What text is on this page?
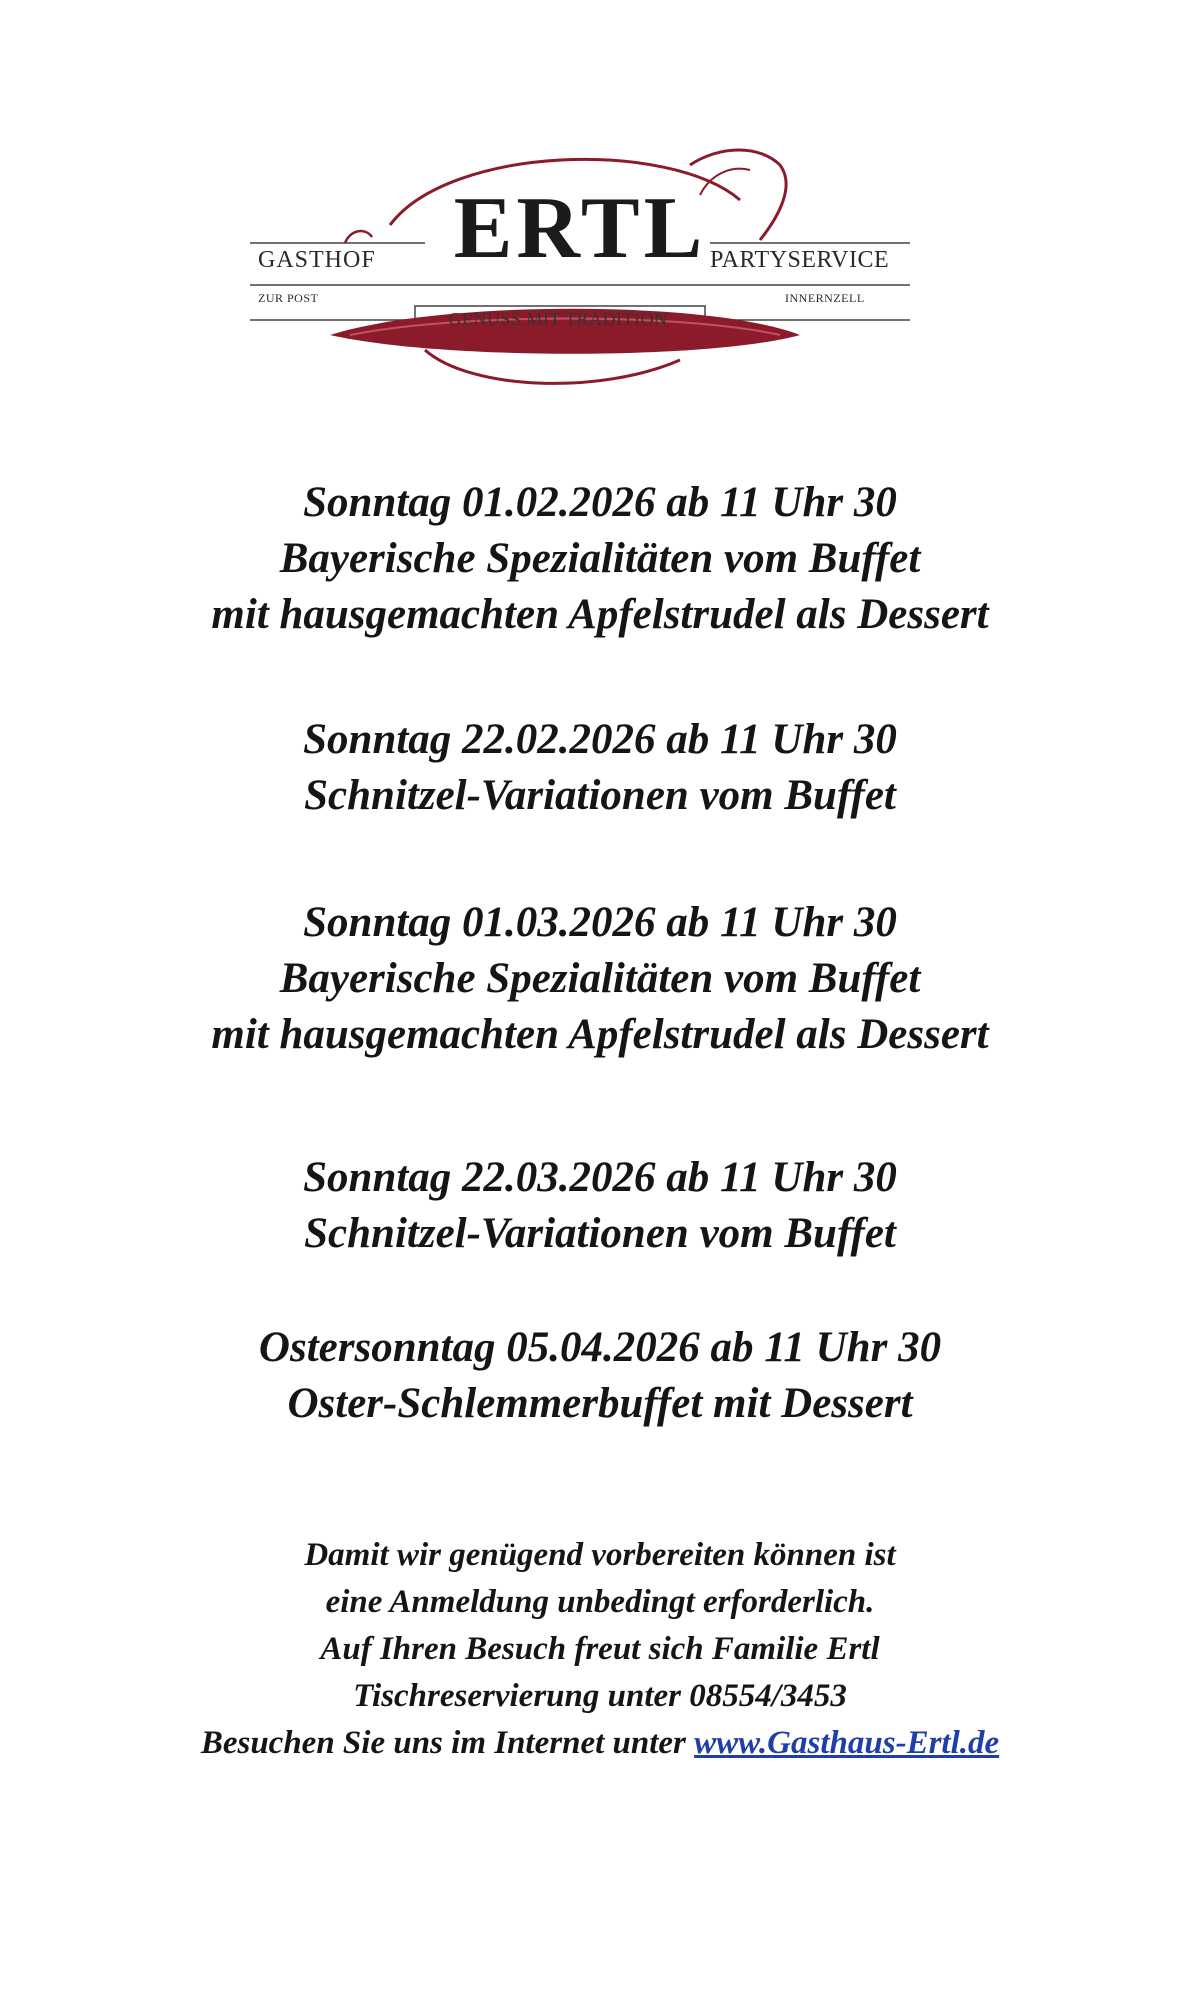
ERTL
GASTHOF	PARTYSERVICE
ZUR POST	INNERNZELL
GENUSS MIT TRADITION
Sonntag 01.02.2026 ab 11 Uhr 30
Bayerische Spezialitäten vom Buffet
mit hausgemachten Apfelstrudel als Dessert
Sonntag 22.02.2026 ab 11 Uhr 30
Schnitzel-Variationen vom Buffet
Sonntag 01.03.2026 ab 11 Uhr 30
Bayerische Spezialitäten vom Buffet
mit hausgemachten Apfelstrudel als Dessert
Sonntag 22.03.2026 ab 11 Uhr 30
Schnitzel-Variationen vom Buffet
Ostersonntag 05.04.2026 ab 11 Uhr 30
Oster-Schlemmerbuffet mit Dessert
Damit wir genügend vorbereiten können ist
eine Anmeldung unbedingt erforderlich.
Auf Ihren Besuch freut sich Familie Ertl
Tischreservierung unter 08554/3453
Besuchen Sie uns im Internet unter www.Gasthaus-Ertl.de
